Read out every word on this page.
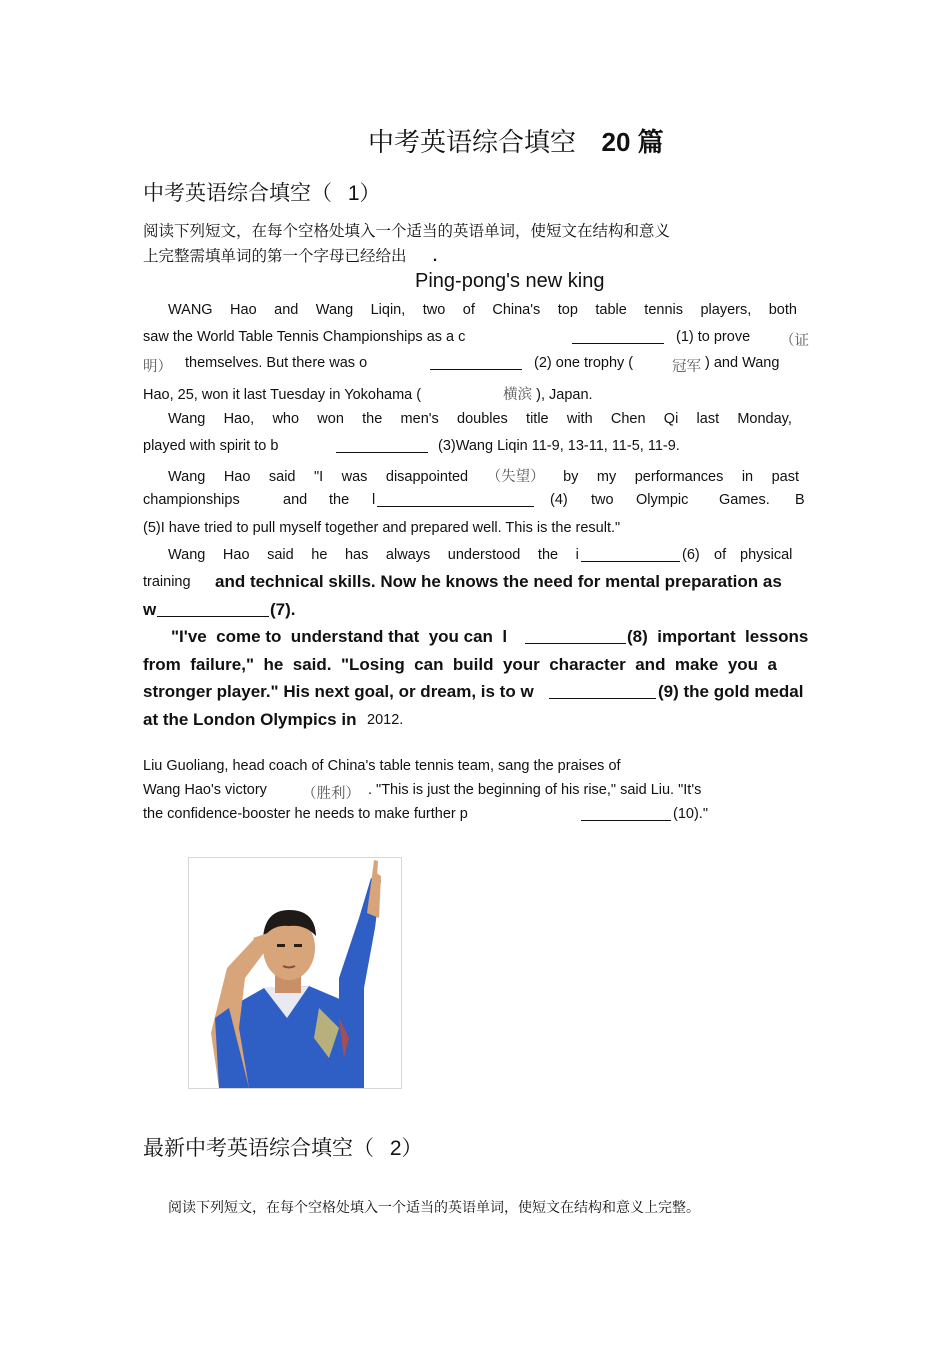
中考英语综合填空 20 篇
中考英语综合填空（ 1）
阅读下列短文，在每个空格处填入一个适当的英语单词，使短文在结构和意义
上完整需填单词的第一个字母已经给出 .
Ping-pong's new king
WANG Hao and Wang Liqin, two of China's top table tennis players, both
saw the World Table Tennis Championships as a c	(1) to prove （证
明） themselves. But there was o	(2) one trophy (	冠军 ) and Wang
Hao, 25, won it last Tuesday in Yokohama (	横滨 ), Japan.
Wang Hao, who won the men's doubles title with Chen Qi last Monday,
played with spirit to b	(3)Wang Liqin 11-9, 13-11, 11-5, 11-9.
Wang Hao said "I was disappointed （失望） by my performances in past
championships	and the l	(4) two Olympic Games. B
(5)I have tried to pull myself together and prepared well. This is the result."
Wang Hao said he has always understood the i	(6) of physical
training and technical skills. Now he knows the need for mental preparation as
w	(7).
"I've  come to  understand that  you can  l	(8)  important  lessons
from  failure,"  he  said.  "Losing  can  build  your  character  and  make  you  a
stronger player." His next goal, or dream, is to w	(9) the gold medal
at the London Olympics in 2012.
Liu Guoliang, head coach of China's table tennis team, sang the praises of
Wang Hao's victory （胜利） . "This is just the beginning of his rise," said Liu. "It's
the confidence-booster he needs to make further p	(10)."
最新中考英语综合填空（ 2）
阅读下列短文，在每个空格处填入一个适当的英语单词，使短文在结构和意义上完整。
